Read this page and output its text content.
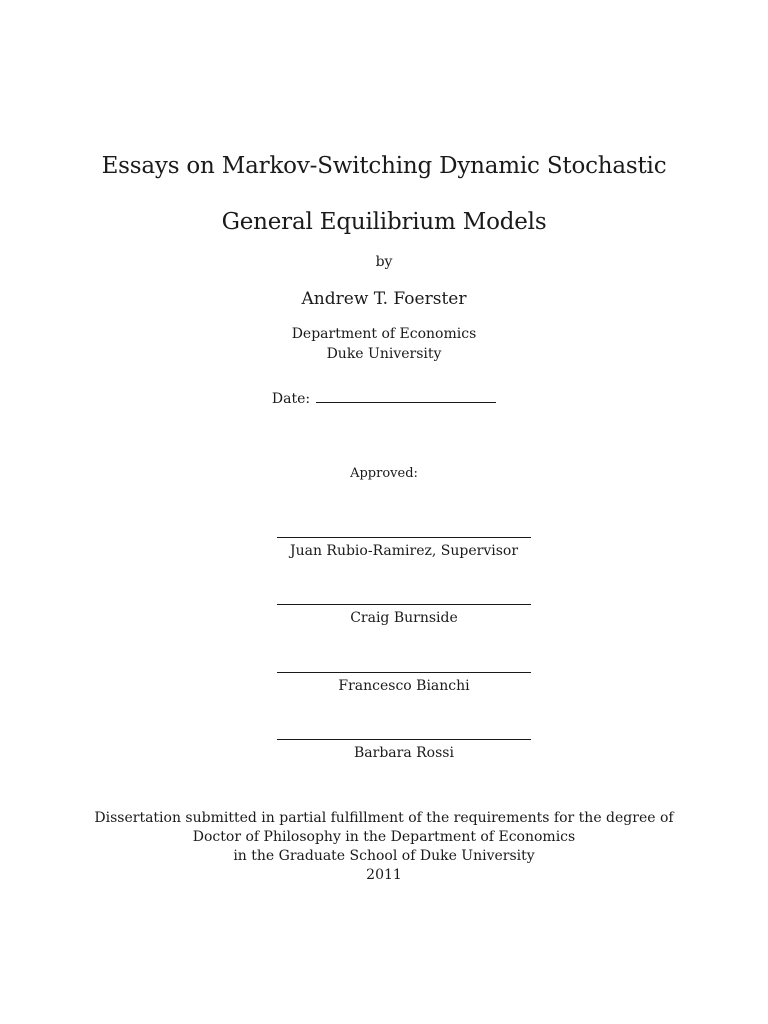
Essays on Markov-Switching Dynamic Stochastic
General Equilibrium Models
by
Andrew T. Foerster
Department of Economics
Duke University
Date:
Approved:
Juan Rubio-Ramirez, Supervisor
Craig Burnside
Francesco Bianchi
Barbara Rossi
Dissertation submitted in partial fulfillment of the requirements for the degree of
Doctor of Philosophy in the Department of Economics
in the Graduate School of Duke University
2011
